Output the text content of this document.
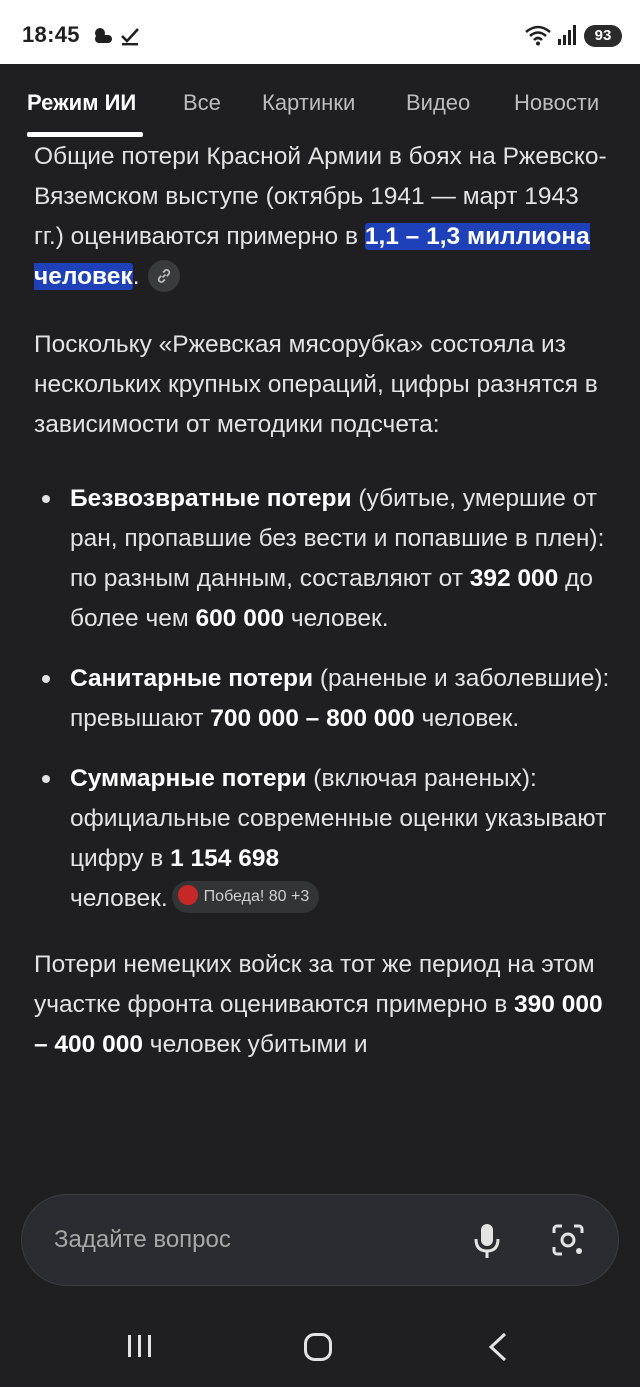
18:45	93
Режим ИИ Все Картинки Видео Новости

Общие потери Красной Армии в боях на Ржевско-Вяземском выступе (октябрь 1941 — март 1943 гг.) оцениваются примерно в 1,1 – 1,3 миллиона человек.

Поскольку «Ржевская мясорубка» состояла из нескольких крупных операций, цифры разнятся в зависимости от методики подсчета:

Безвозвратные потери (убитые, умершие от ран, пропавшие без вести и попавшие в плен): по разным данным, составляют от 392 000 до более чем 600 000 человек.
Санитарные потери (раненые и заболевшие): превышают 700 000 – 800 000 человек.
Суммарные потери (включая раненых): официальные современные оценки указывают цифру в 1 154 698
человек. Победа! 80 +3

Потери немецких войск за тот же период на этом участке фронта оцениваются примерно в 390 000 – 400 000 человек убитыми и

Задайте вопрос
